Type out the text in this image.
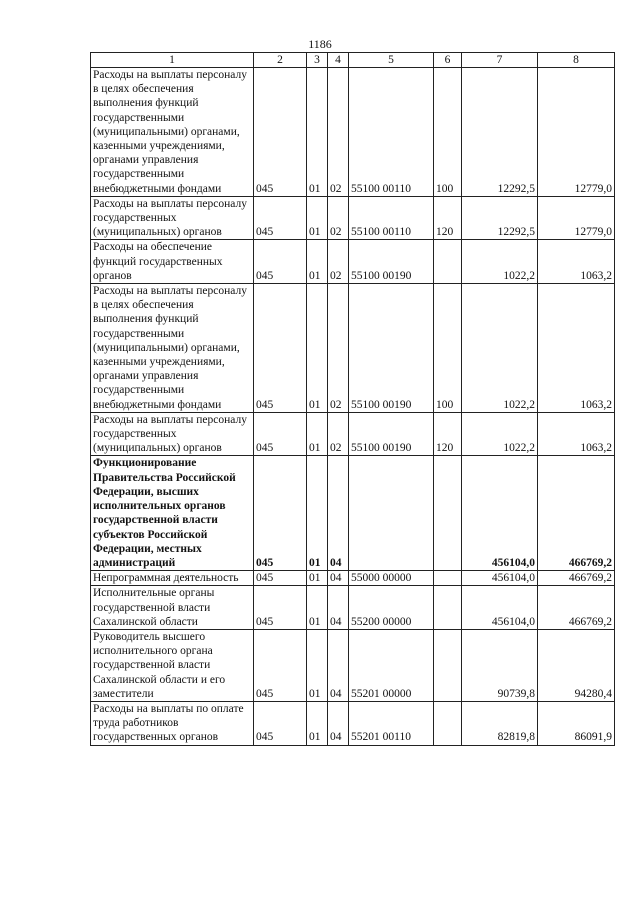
1186
1	2	3	4	5	6	7	8
Расходы на выплаты персоналу в целях обеспечения выполнения функций государственными (муниципальными) органами, казенными учреждениями, органами управления государственными внебюджетными фондами	045	01	02	55100 00110	100	12292,5	12779,0
Расходы на выплаты персоналу государственных (муниципальных) органов	045	01	02	55100 00110	120	12292,5	12779,0
Расходы на обеспечение функций государственных органов	045	01	02	55100 00190		1022,2	1063,2
Расходы на выплаты персоналу в целях обеспечения выполнения функций государственными (муниципальными) органами, казенными учреждениями, органами управления государственными внебюджетными фондами	045	01	02	55100 00190	100	1022,2	1063,2
Расходы на выплаты персоналу государственных (муниципальных) органов	045	01	02	55100 00190	120	1022,2	1063,2
Функционирование Правительства Российской Федерации, высших исполнительных органов государственной власти субъектов Российской Федерации, местных администраций	045	01	04			456104,0	466769,2
Непрограммная деятельность	045	01	04	55000 00000		456104,0	466769,2
Исполнительные органы государственной власти Сахалинской области	045	01	04	55200 00000		456104,0	466769,2
Руководитель высшего исполнительного органа государственной власти Сахалинской области и его заместители	045	01	04	55201 00000		90739,8	94280,4
Расходы на выплаты по оплате труда работников государственных органов	045	01	04	55201 00110		82819,8	86091,9
